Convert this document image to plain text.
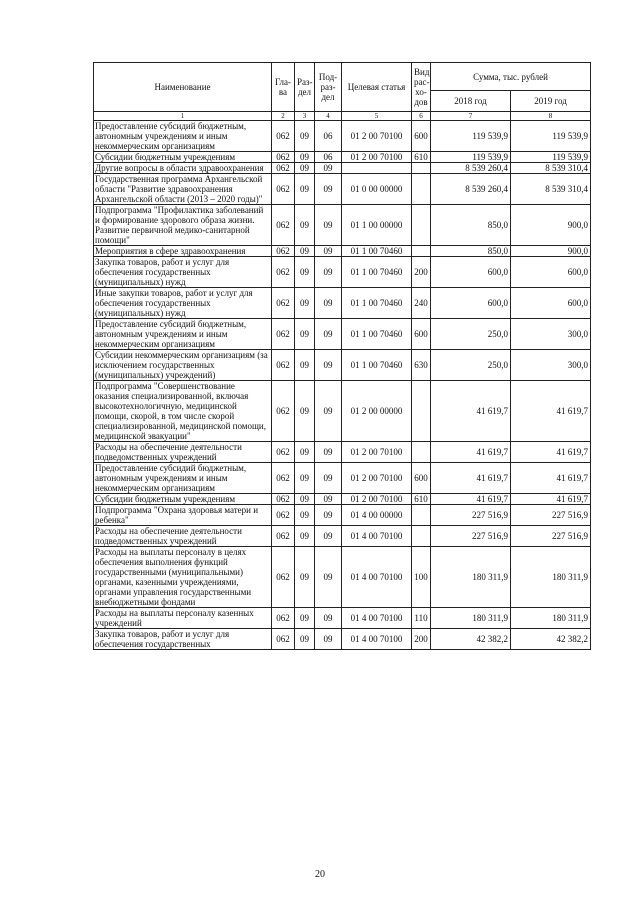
Наименование	Гла-ва	Раз-дел	Под-раз-дел	Целевая статья	Вид рас-хо-дов	Сумма, тыс. рублей	
						2018 год	2019 год
1	2	3	4	5	6	7	8
Предоставление субсидий бюджетным, автономным учреждениям и иным некоммерческим организациям	062	09	06	01 2 00 70100	600	119 539,9	119 539,9
Субсидии бюджетным учреждениям	062	09	06	01 2 00 70100	610	119 539,9	119 539,9
Другие вопросы в области здравоохранения	062	09	09			8 539 260,4	8 539 310,4
Государственная программа Архангельской области "Развитие здравоохранения Архангельской области (2013 – 2020 годы)"	062	09	09	01 0 00 00000		8 539 260,4	8 539 310,4
Подпрограмма "Профилактика заболеваний и формирование здорового образа жизни. Развитие первичной медико-санитарной помощи"	062	09	09	01 1 00 00000		850,0	900,0
Мероприятия в сфере здравоохранения	062	09	09	01 1 00 70460		850,0	900,0
Закупка товаров, работ и услуг для обеспечения государственных (муниципальных) нужд	062	09	09	01 1 00 70460	200	600,0	600,0
Иные закупки товаров, работ и услуг для обеспечения государственных (муниципальных) нужд	062	09	09	01 1 00 70460	240	600,0	600,0
Предоставление субсидий бюджетным, автономным учреждениям и иным некоммерческим организациям	062	09	09	01 1 00 70460	600	250,0	300,0
Субсидии некоммерческим организациям (за исключением государственных (муниципальных) учреждений)	062	09	09	01 1 00 70460	630	250,0	300,0
Подпрограмма "Совершенствование оказания специализированной, включая высокотехнологичную, медицинской помощи, скорой, в том числе скорой специализированной, медицинской помощи, медицинской эвакуации"	062	09	09	01 2 00 00000		41 619,7	41 619,7
Расходы на обеспечение деятельности подведомственных учреждений	062	09	09	01 2 00 70100		41 619,7	41 619,7
Предоставление субсидий бюджетным, автономным учреждениям и иным некоммерческим организациям	062	09	09	01 2 00 70100	600	41 619,7	41 619,7
Субсидии бюджетным учреждениям	062	09	09	01 2 00 70100	610	41 619,7	41 619,7
Подпрограмма "Охрана здоровья матери и ребенка"	062	09	09	01 4 00 00000		227 516,9	227 516,9
Расходы на обеспечение деятельности подведомственных учреждений	062	09	09	01 4 00 70100		227 516,9	227 516,9
Расходы на выплаты персоналу в целях обеспечения выполнения функций государственными (муниципальными) органами, казенными учреждениями, органами управления государственными внебюджетными фондами	062	09	09	01 4 00 70100	100	180 311,9	180 311,9
Расходы на выплаты персоналу казенных учреждений	062	09	09	01 4 00 70100	110	180 311,9	180 311,9
Закупка товаров, работ и услуг для обеспечения государственных	062	09	09	01 4 00 70100	200	42 382,2	42 382,2
20
